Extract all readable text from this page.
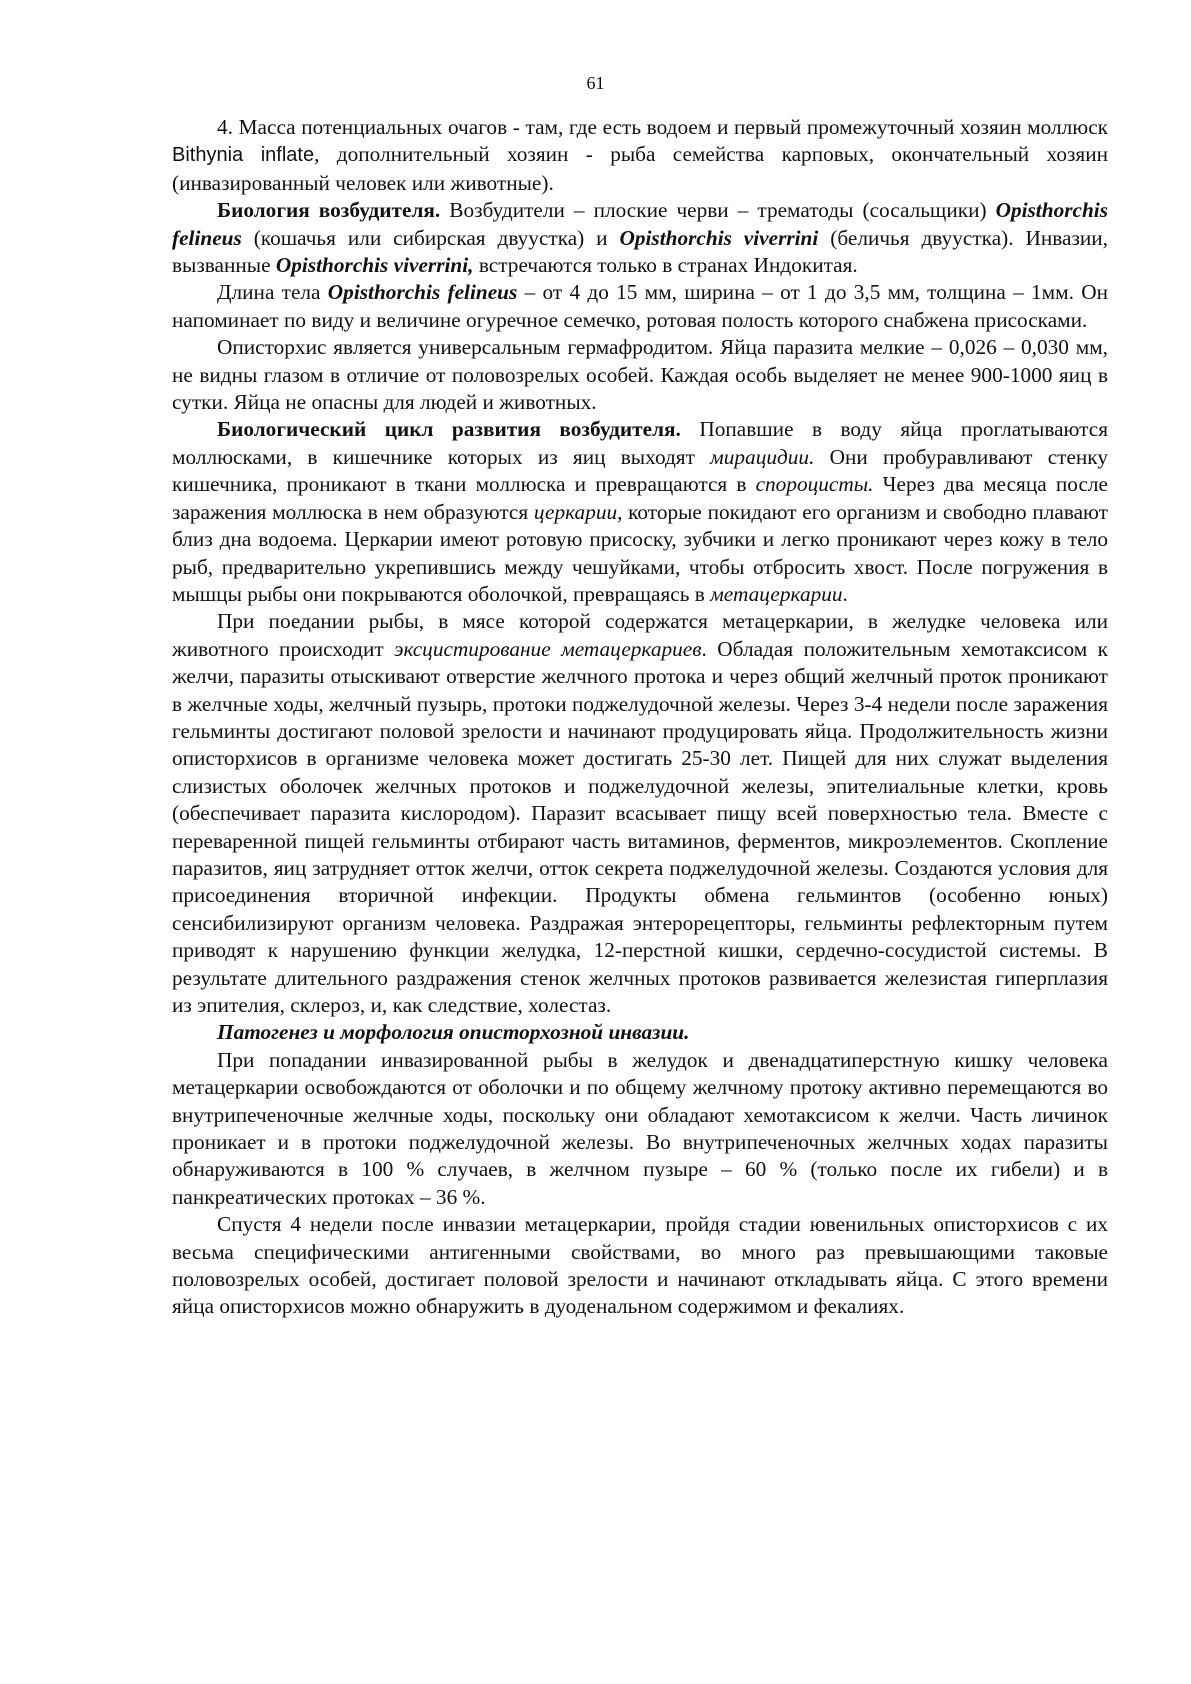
61

4. Масса потенциальных очагов - там, где есть водоем и первый промежуточный хозяин моллюск Bithynia inflate, дополнительный хозяин - рыба семейства карповых, окончательный хозяин (инвазированный человек или животные).

Биология возбудителя. Возбудители – плоские черви – трематоды (сосальщики) Opisthorchis felineus (кошачья или сибирская двуустка) и Opisthorchis viverrini (беличья двуустка). Инвазии, вызванные Opisthorchis viverrini, встречаются только в странах Индокитая.

Длина тела Opisthorchis felineus – от 4 до 15 мм, ширина – от 1 до 3,5 мм, толщина – 1мм. Он напоминает по виду и величине огуречное семечко, ротовая полость которого снабжена присосками.

Описторхис является универсальным гермафродитом. Яйца паразита мелкие – 0,026 – 0,030 мм, не видны глазом в отличие от половозрелых особей. Каждая особь выделяет не менее 900-1000 яиц в сутки. Яйца не опасны для людей и животных.

Биологический цикл развития возбудителя. Попавшие в воду яйца проглатываются моллюсками, в кишечнике которых из яиц выходят мирацидии. Они пробуравливают стенку кишечника, проникают в ткани моллюска и превращаются в спороцисты. Через два месяца после заражения моллюска в нем образуются церкарии, которые покидают его организм и свободно плавают близ дна водоема. Церкарии имеют ротовую присоску, зубчики и легко проникают через кожу в тело рыб, предварительно укрепившись между чешуйками, чтобы отбросить хвост. После погружения в мышцы рыбы они покрываются оболочкой, превращаясь в метацеркарии.

При поедании рыбы, в мясе которой содержатся метацеркарии, в желудке человека или животного происходит эксцистирование метацеркариев. Обладая положительным хемотаксисом к желчи, паразиты отыскивают отверстие желчного протока и через общий желчный проток проникают в желчные ходы, желчный пузырь, протоки поджелудочной железы. Через 3-4 недели после заражения гельминты достигают половой зрелости и начинают продуцировать яйца. Продолжительность жизни описторхисов в организме человека может достигать 25-30 лет. Пищей для них служат выделения слизистых оболочек желчных протоков и поджелудочной железы, эпителиальные клетки, кровь (обеспечивает паразита кислородом). Паразит всасывает пищу всей поверхностью тела. Вместе с переваренной пищей гельминты отбирают часть витаминов, ферментов, микроэлементов. Скопление паразитов, яиц затрудняет отток желчи, отток секрета поджелудочной железы. Создаются условия для присоединения вторичной инфекции. Продукты обмена гельминтов (особенно юных) сенсибилизируют организм человека. Раздражая энтерорецепторы, гельминты рефлекторным путем приводят к нарушению функции желудка, 12-перстной кишки, сердечно-сосудистой системы. В результате длительного раздражения стенок желчных протоков развивается железистая гиперплазия из эпителия, склероз, и, как следствие, холестаз.

Патогенез и морфология описторхозной инвазии.

При попадании инвазированной рыбы в желудок и двенадцатиперстную кишку человека метацеркарии освобождаются от оболочки и по общему желчному протоку активно перемещаются во внутрипеченочные желчные ходы, поскольку они обладают хемотаксисом к желчи. Часть личинок проникает и в протоки поджелудочной железы. Во внутрипеченочных желчных ходах паразиты обнаруживаются в 100 % случаев, в желчном пузыре – 60 % (только после их гибели) и в панкреатических протоках – 36 %.

Спустя 4 недели после инвазии метацеркарии, пройдя стадии ювенильных описторхисов с их весьма специфическими антигенными свойствами, во много раз превышающими таковые половозрелых особей, достигает половой зрелости и начинают откладывать яйца. С этого времени яйца описторхисов можно обнаружить в дуоденальном содержимом и фекалиях.
